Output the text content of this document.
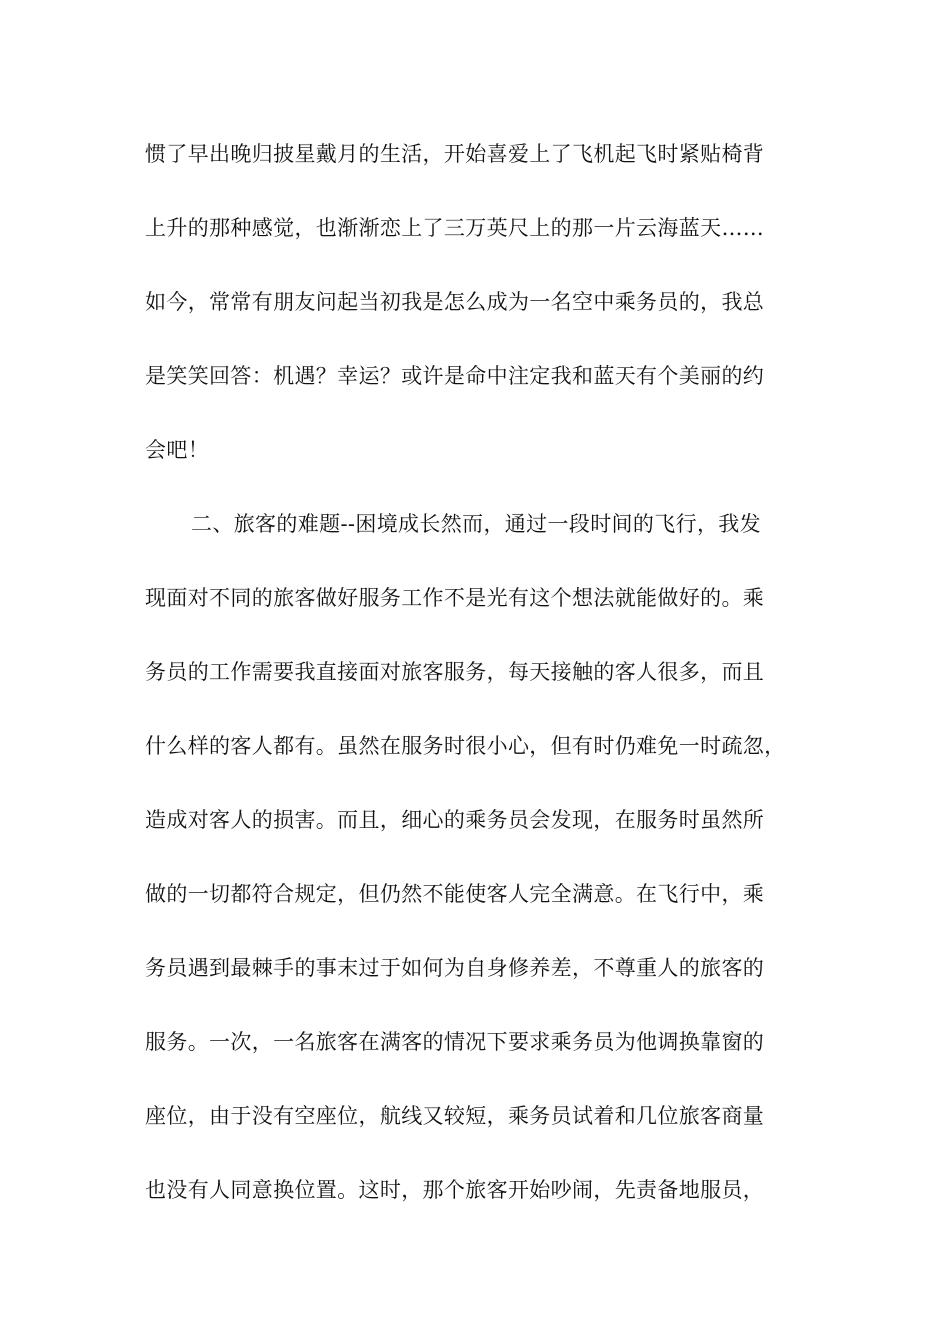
惯了早出晚归披星戴月的生活，开始喜爱上了飞机起飞时紧贴椅背
上升的那种感觉，也渐渐恋上了三万英尺上的那一片云海蓝天……
如今，常常有朋友问起当初我是怎么成为一名空中乘务员的，我总
是笑笑回答：机遇？幸运？或许是命中注定我和蓝天有个美丽的约
会吧！
二、旅客的难题--困境成长然而，通过一段时间的飞行，我发
现面对不同的旅客做好服务工作不是光有这个想法就能做好的。乘
务员的工作需要我直接面对旅客服务，每天接触的客人很多，而且
什么样的客人都有。虽然在服务时很小心，但有时仍难免一时疏忽，
造成对客人的损害。而且，细心的乘务员会发现，在服务时虽然所
做的一切都符合规定，但仍然不能使客人完全满意。在飞行中，乘
务员遇到最棘手的事末过于如何为自身修养差，不尊重人的旅客的
服务。一次，一名旅客在满客的情况下要求乘务员为他调换靠窗的
座位，由于没有空座位，航线又较短，乘务员试着和几位旅客商量
也没有人同意换位置。这时，那个旅客开始吵闹，先责备地服员，
